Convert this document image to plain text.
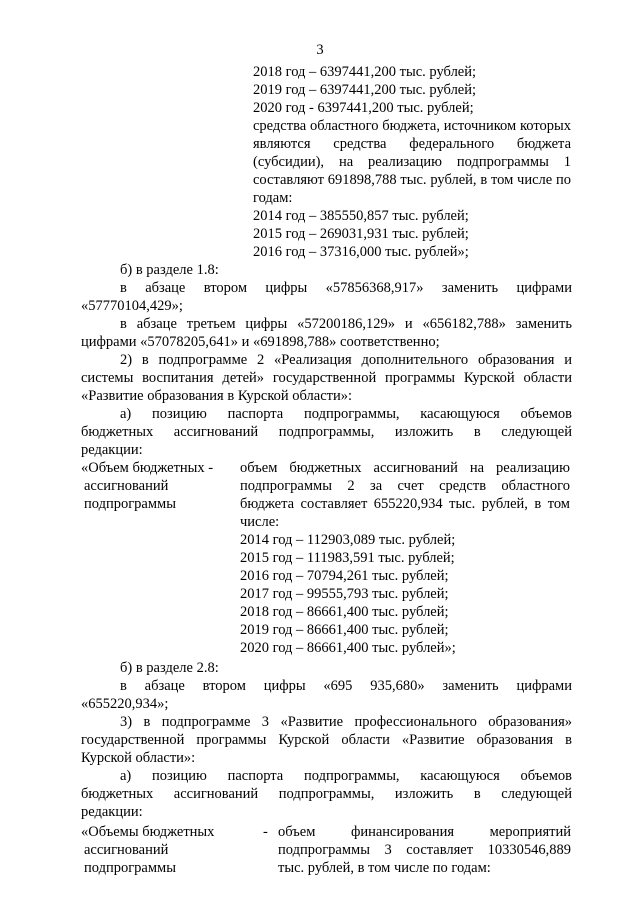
3
2018 год – 6397441,200 тыс. рублей;
2019 год – 6397441,200 тыс. рублей;
2020 год - 6397441,200 тыс. рублей;
средства областного бюджета, источником которых
являются средства федерального бюджета
(субсидии), на реализацию подпрограммы 1
составляют 691898,788 тыс. рублей, в том числе по
годам:
2014 год – 385550,857 тыс. рублей;
2015 год – 269031,931 тыс. рублей;
2016 год – 37316,000 тыс. рублей»;
б) в разделе 1.8:
в абзаце втором цифры «57856368,917» заменить цифрами
«57770104,429»;
в абзаце третьем цифры «57200186,129» и «656182,788» заменить
цифрами «57078205,641» и «691898,788» соответственно;
2) в подпрограмме 2 «Реализация дополнительного образования и
системы воспитания детей» государственной программы Курской области
«Развитие образования в Курской области»:
а) позицию паспорта подпрограммы, касающуюся объемов
бюджетных ассигнований подпрограммы, изложить в следующей
редакции:
«Объем бюджетных -
ассигнований
подпрограммы
объем бюджетных ассигнований на реализацию
подпрограммы 2 за счет средств областного
бюджета составляет 655220,934 тыс. рублей, в том
числе:
2014 год – 112903,089 тыс. рублей;
2015 год – 111983,591 тыс. рублей;
2016 год – 70794,261 тыс. рублей;
2017 год – 99555,793 тыс. рублей;
2018 год – 86661,400 тыс. рублей;
2019 год – 86661,400 тыс. рублей;
2020 год – 86661,400 тыс. рублей»;
б) в разделе 2.8:
в абзаце втором цифры «695 935,680» заменить цифрами
«655220,934»;
3) в подпрограмме 3 «Развитие профессионального образования»
государственной программы Курской области «Развитие образования в
Курской области»:
а) позицию паспорта подпрограммы, касающуюся объемов
бюджетных ассигнований подпрограммы, изложить в следующей
редакции:
«Объемы бюджетных
ассигнований
подпрограммы
- объем финансирования мероприятий
подпрограммы 3 составляет 10330546,889
тыс. рублей, в том числе по годам:
